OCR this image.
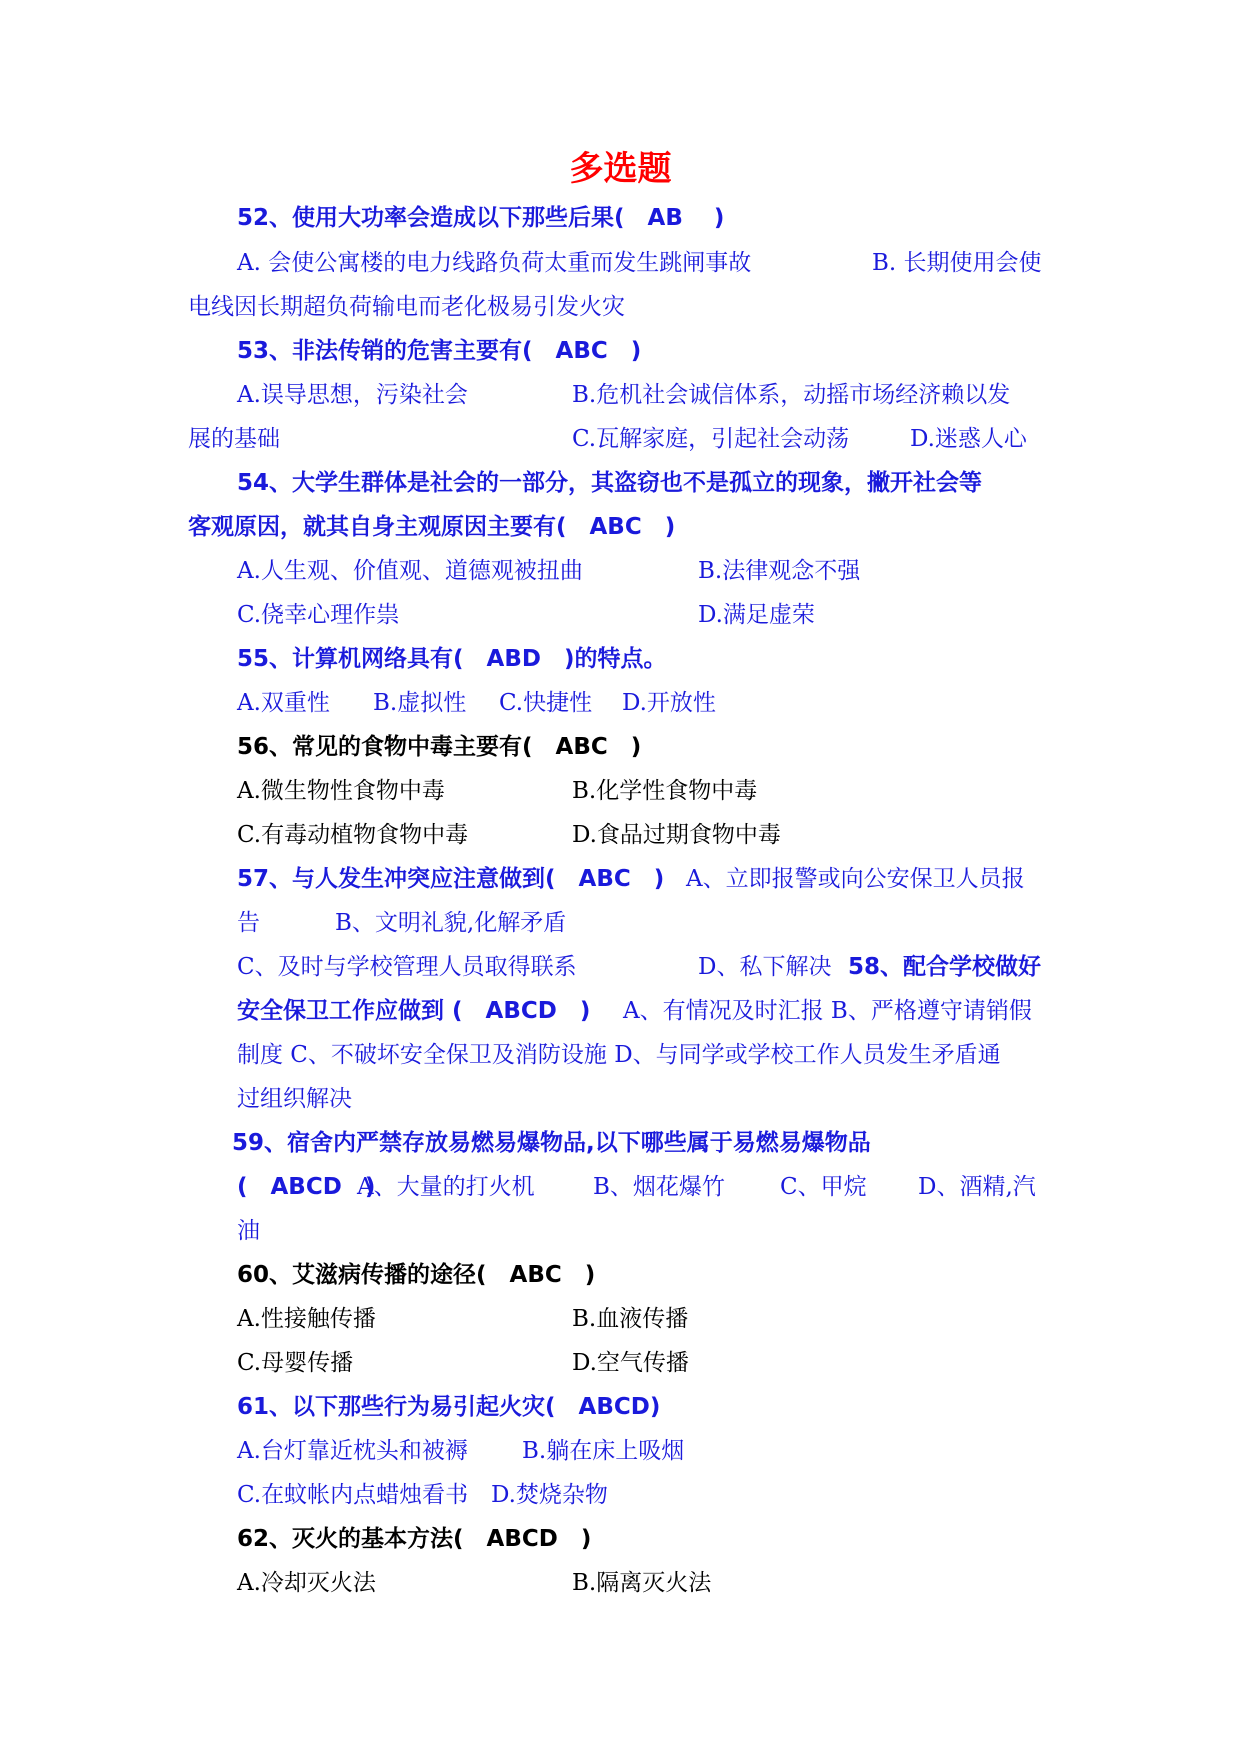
多选题

52、使用大功率会造成以下那些后果(　AB　 )

A. 会使公寓楼的电力线路负荷太重而发生跳闸事故	B. 长期使用会使

电线因长期超负荷输电而老化极易引发火灾

53、非法传销的危害主要有(　ABC　)

A.误导思想，污染社会	B.危机社会诚信体系，动摇市场经济赖以发

展的基础	C.瓦解家庭，引起社会动荡	D.迷惑人心

54、大学生群体是社会的一部分，其盗窃也不是孤立的现象，撇开社会等

客观原因，就其自身主观原因主要有(　ABC　)

A.人生观、价值观、道德观被扭曲	B.法律观念不强

C.侥幸心理作祟	D.满足虚荣

55、计算机网络具有(　ABD　)的特点。

A.双重性 B.虚拟性 C.快捷性 D.开放性

56、常见的食物中毒主要有(　ABC　)

A.微生物性食物中毒	B.化学性食物中毒

C.有毒动植物食物中毒	D.食品过期食物中毒

57、与人发生冲突应注意做到(　ABC　) A、立即报警或向公安保卫人员报

告	B、文明礼貌,化解矛盾

C、及时与学校管理人员取得联系	D、私下解决 58、配合学校做好

安全保卫工作应做到 (　ABCD　) A、有情况及时汇报 B、严格遵守请销假

制度 C、不破坏安全保卫及消防设施 D、与同学或学校工作人员发生矛盾通

过组织解决

59、宿舍内严禁存放易燃易爆物品,以下哪些属于易燃易爆物品

(　ABCD　)

A、大量的打火机	B、烟花爆竹 C、甲烷 D、酒精,汽

油

60、艾滋病传播的途径(　ABC　)

A.性接触传播	B.血液传播

C.母婴传播	D.空气传播

61、以下那些行为易引起火灾(　ABCD)

A.台灯靠近枕头和被褥 B.躺在床上吸烟

C.在蚊帐内点蜡烛看书 D.焚烧杂物

62、灭火的基本方法(　ABCD　)

A.冷却灭火法	B.隔离灭火法
